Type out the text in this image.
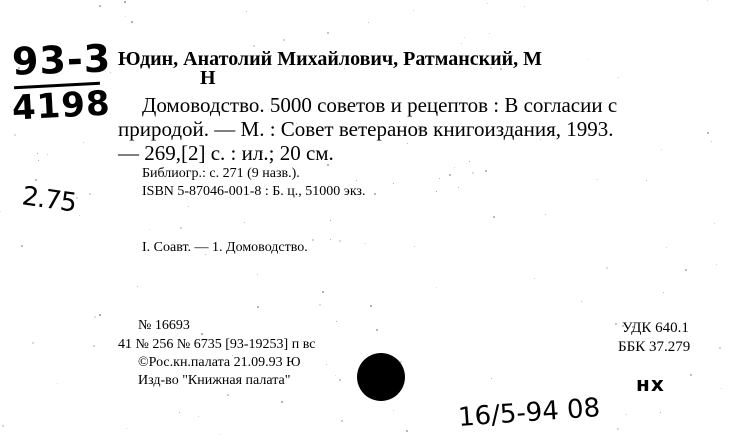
93-3
4198
2.75
Юдин, Анатолий Михайлович, Ратманский, М
Н
Домоводство. 5000 советов и рецептов : В согласии с
природой. — М. : Совет ветеранов книгоиздания, 1993.
— 269,[2] с. : ил.; 20 см.
Библиогр.: с. 271 (9 назв.).
ISBN 5-87046-001-8 : Б. ц., 51000 экз.
I. Соавт. — 1. Домоводство.
№ 16693
41 № 256 № 6735 [93-19253] п вс
©Рос.кн.палата 21.09.93 Ю
Изд-во "Книжная палата"
УДК 640.1
ББК 37.279
нх
16/5-94 08
